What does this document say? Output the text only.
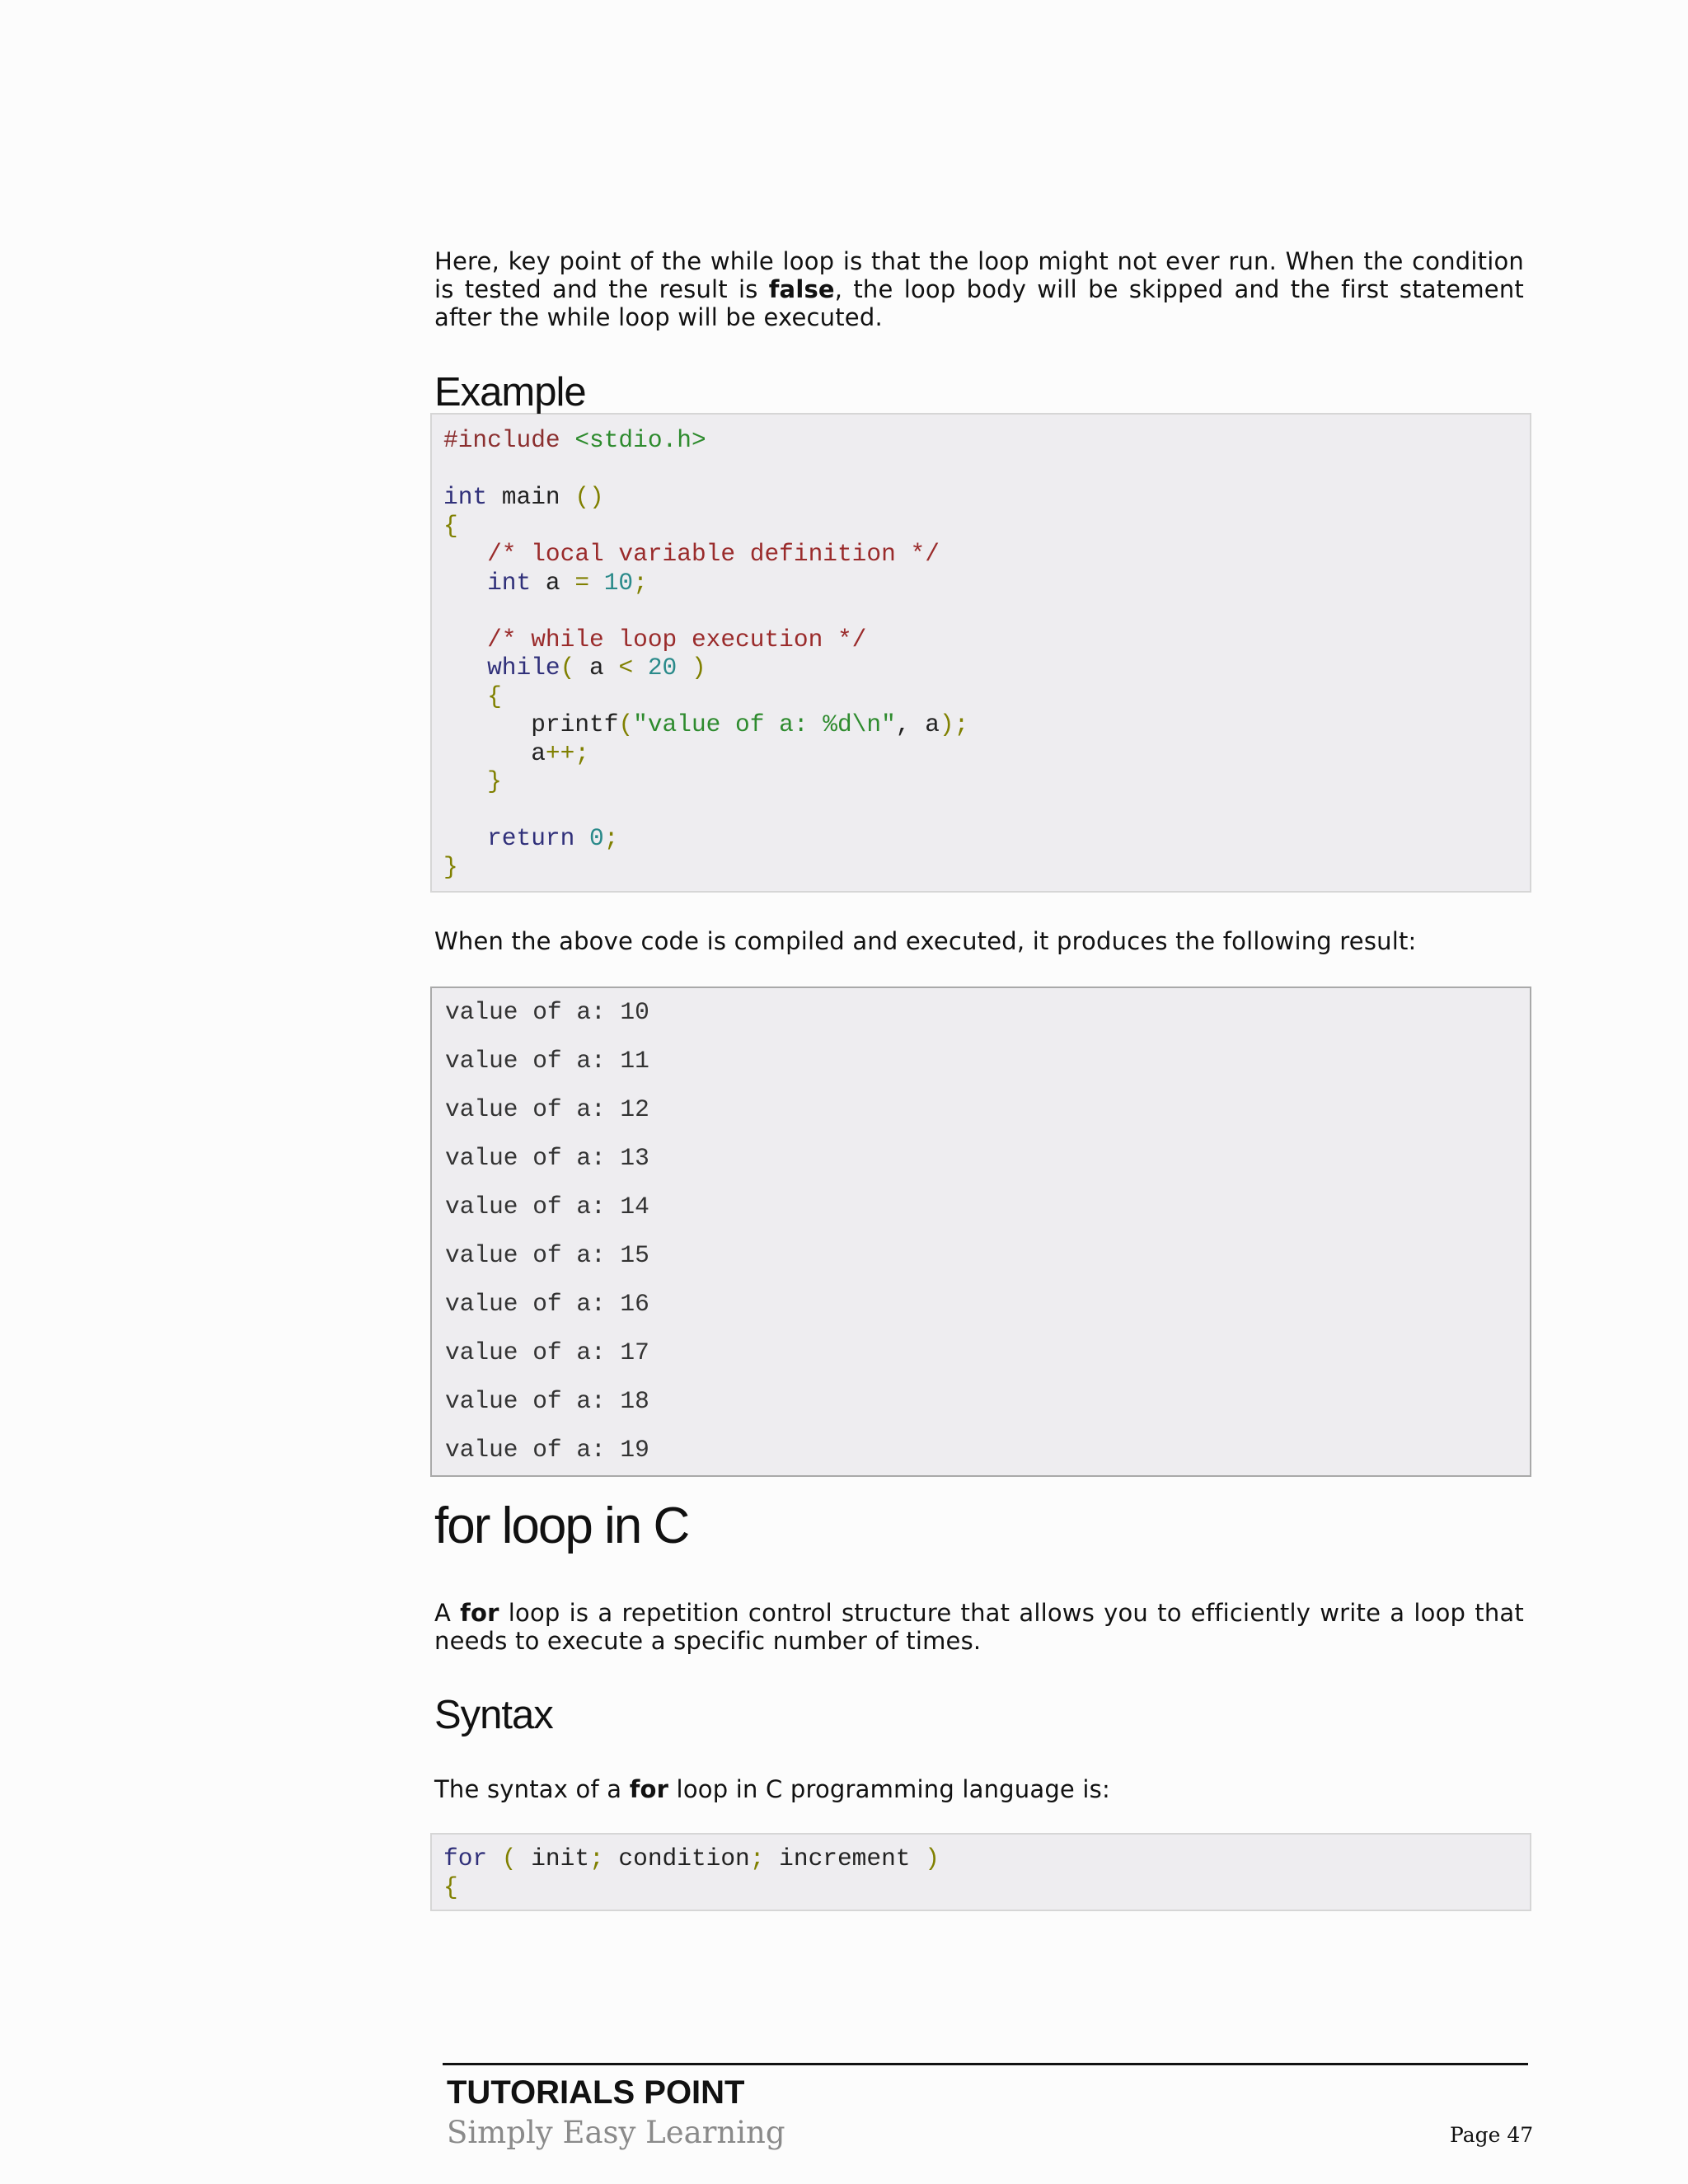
Here, key point of the while loop is that the loop might not ever run. When the condition is tested and the result is false, the loop body will be skipped and the first statement after the while loop will be executed.

Example
#include <stdio.h>

int main ()
{
/* local variable definition */
int a = 10;

/* while loop execution */
while( a < 20 )
{
printf("value of a: %d\n", a);
a++;
}

return 0;
}

When the above code is compiled and executed, it produces the following result:

value of a: 10
value of a: 11
value of a: 12
value of a: 13
value of a: 14
value of a: 15
value of a: 16
value of a: 17
value of a: 18
value of a: 19
for loop in C

A for loop is a repetition control structure that allows you to efficiently write a loop that needs to execute a specific number of times.

Syntax

The syntax of a for loop in C programming language is:

for ( init; condition; increment )
{
TUTORIALS POINT
Simply Easy Learning	Page 47
